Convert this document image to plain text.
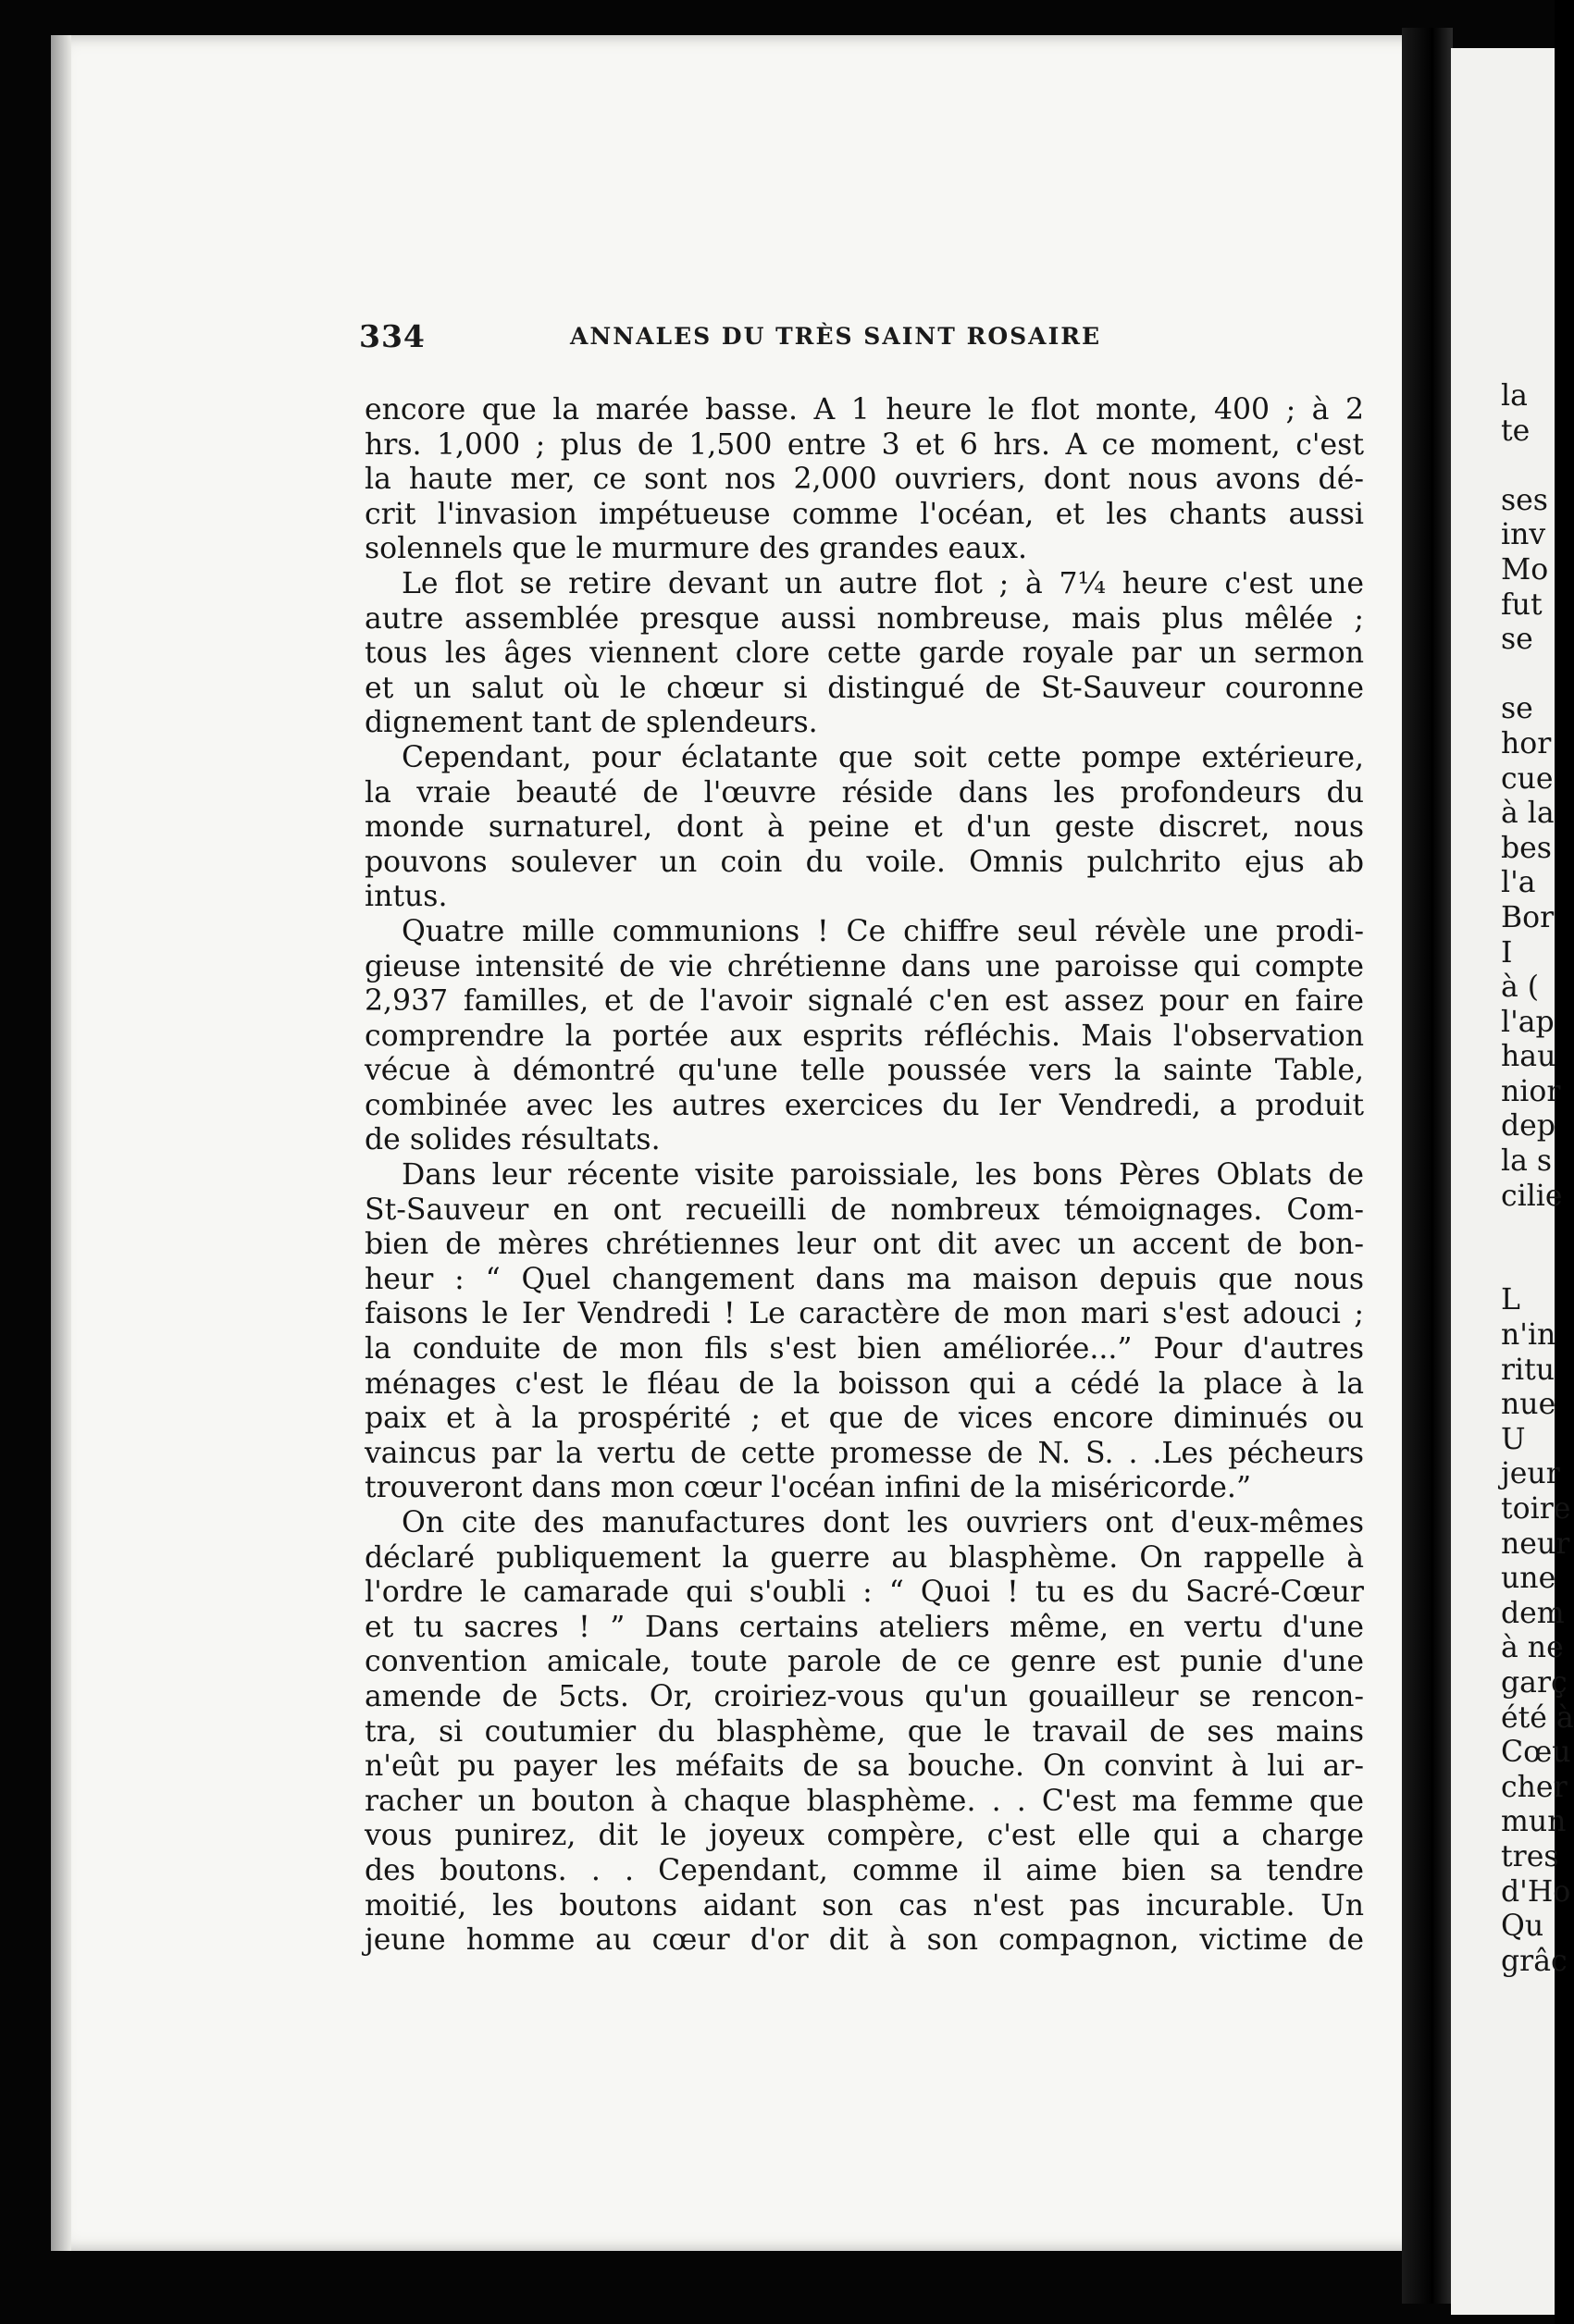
334	ANNALES DU TRÈS SAINT ROSAIRE
encore que la marée basse. A 1 heure le flot monte, 400 ; à 2
hrs. 1,000 ; plus de 1,500 entre 3 et 6 hrs. A ce moment, c'est
la haute mer, ce sont nos 2,000 ouvriers, dont nous avons dé-
crit l'invasion impétueuse comme l'océan, et les chants aussi
solennels que le murmure des grandes eaux.
Le flot se retire devant un autre flot ; à 7¼ heure c'est une
autre assemblée presque aussi nombreuse, mais plus mêlée ;
tous les âges viennent clore cette garde royale par un sermon
et un salut où le chœur si distingué de St-Sauveur couronne
dignement tant de splendeurs.
Cependant, pour éclatante que soit cette pompe extérieure,
la vraie beauté de l'œuvre réside dans les profondeurs du
monde surnaturel, dont à peine et d'un geste discret, nous
pouvons soulever un coin du voile. Omnis pulchrito ejus ab
intus.
Quatre mille communions ! Ce chiffre seul révèle une prodi-
gieuse intensité de vie chrétienne dans une paroisse qui compte
2,937 familles, et de l'avoir signalé c'en est assez pour en faire
comprendre la portée aux esprits réfléchis. Mais l'observation
vécue à démontré qu'une telle poussée vers la sainte Table,
combinée avec les autres exercices du Ier Vendredi, a produit
de solides résultats.
Dans leur récente visite paroissiale, les bons Pères Oblats de
St-Sauveur en ont recueilli de nombreux témoignages. Com-
bien de mères chrétiennes leur ont dit avec un accent de bon-
heur : “ Quel changement dans ma maison depuis que nous
faisons le Ier Vendredi ! Le caractère de mon mari s'est adouci ;
la conduite de mon fils s'est bien améliorée...” Pour d'autres
ménages c'est le fléau de la boisson qui a cédé la place à la
paix et à la prospérité ; et que de vices encore diminués ou
vaincus par la vertu de cette promesse de N. S. . .Les pécheurs
trouveront dans mon cœur l'océan infini de la miséricorde.”
On cite des manufactures dont les ouvriers ont d'eux-mêmes
déclaré publiquement la guerre au blasphème. On rappelle à
l'ordre le camarade qui s'oubli : “ Quoi ! tu es du Sacré-Cœur
et tu sacres ! ” Dans certains ateliers même, en vertu d'une
convention amicale, toute parole de ce genre est punie d'une
amende de 5cts. Or, croiriez-vous qu'un gouailleur se rencon-
tra, si coutumier du blasphème, que le travail de ses mains
n'eût pu payer les méfaits de sa bouche. On convint à lui ar-
racher un bouton à chaque blasphème. . . C'est ma femme que
vous punirez, dit le joyeux compère, c'est elle qui a charge
des boutons. . . Cependant, comme il aime bien sa tendre
moitié, les boutons aidant son cas n'est pas incurable. Un
jeune homme au cœur d'or dit à son compagnon, victime de
la
te
ses
inv
Mo
fut
se
se
hor
cue
à la
bes
l'a
Bor
I
à (
l'ap
hau
nior
dep
la s
cilie
L
n'in
ritu
nue
U
jeur
toire
neur
une
dem
à ne
garç
été à
Cœu
cher
mun
tres
d'Ho
Qu
grâc
